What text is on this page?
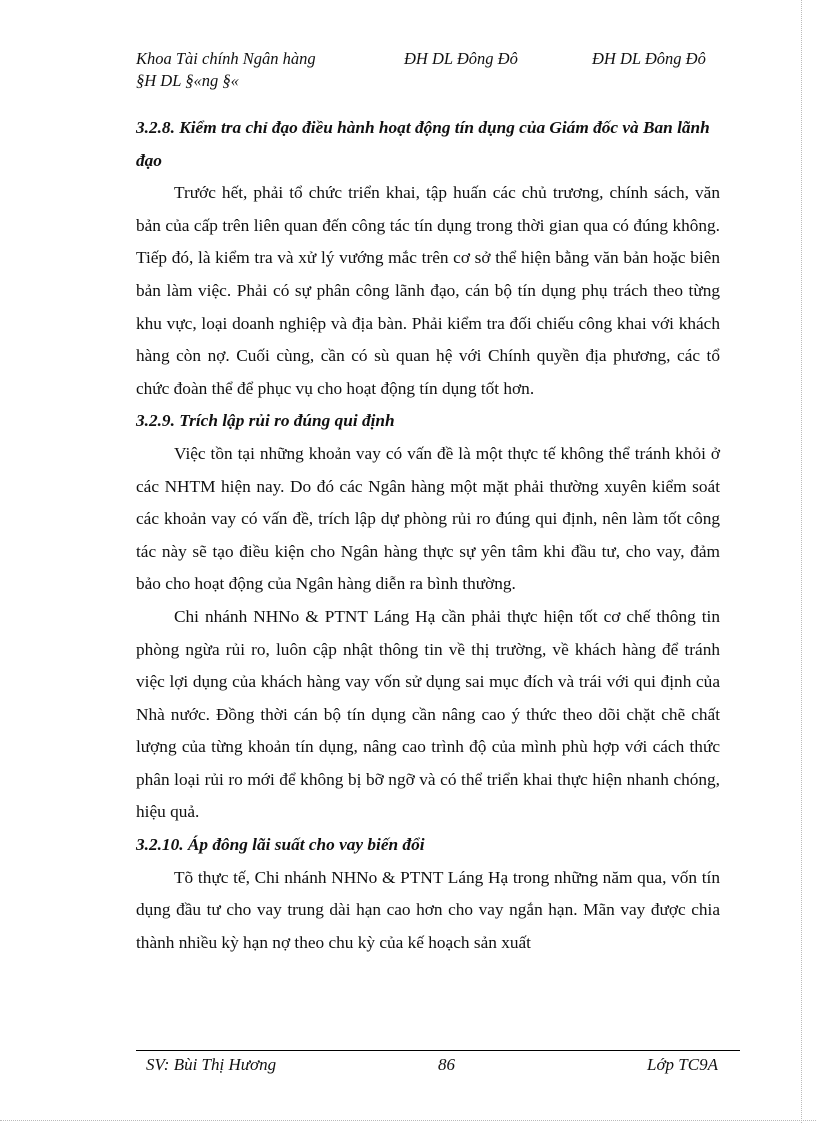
Khoa Tài chính Ngân hàng	ĐH DL Đông Đô	ĐH DL Đông Đô
§H DL §«ng §«
3.2.8. Kiểm tra chỉ đạo điều hành hoạt động tín dụng của Giám đốc và Ban lãnh đạo

Trước hết, phải tổ chức triển khai, tập huấn các chủ trương, chính sách, văn bản của cấp trên liên quan đến công tác tín dụng trong thời gian qua có đúng không. Tiếp đó, là kiểm tra và xử lý vướng mắc trên cơ sở thể hiện bằng văn bản hoặc biên bản làm việc. Phải có sự phân công lãnh đạo, cán bộ tín dụng phụ trách theo từng khu vực, loại doanh nghiệp và địa bàn. Phải kiểm tra đối chiếu công khai với khách hàng còn nợ. Cuối cùng, cần có sù quan hệ với Chính quyền địa phương, các tổ chức đoàn thể để phục vụ cho hoạt động tín dụng tốt hơn.

3.2.9. Trích lập rủi ro đúng qui định

Việc tồn tại những khoản vay có vấn đề là một thực tế không thể tránh khỏi ở các NHTM hiện nay. Do đó các Ngân hàng một mặt phải thường xuyên kiểm soát các khoản vay có vấn đề, trích lập dự phòng rủi ro đúng qui định, nên làm tốt công tác này sẽ tạo điều kiện cho Ngân hàng thực sự yên tâm khi đầu tư, cho vay, đảm bảo cho hoạt động của Ngân hàng diễn ra bình thường.

Chi nhánh NHNo & PTNT Láng Hạ cần phải thực hiện tốt cơ chế thông tin phòng ngừa rủi ro, luôn cập nhật thông tin về thị trường, về khách hàng để tránh việc lợi dụng của khách hàng vay vốn sử dụng sai mục đích và trái với qui định của Nhà nước. Đồng thời cán bộ tín dụng cần nâng cao ý thức theo dõi chặt chẽ chất lượng của từng khoản tín dụng, nâng cao trình độ của mình phù hợp với cách thức phân loại rủi ro mới để không bị bỡ ngỡ và có thể triển khai thực hiện nhanh chóng, hiệu quả.

3.2.10. Áp đông lãi suất cho vay biến đổi

Tõ thực tế, Chi nhánh NHNo & PTNT Láng Hạ trong những năm qua, vốn tín dụng đầu tư cho vay trung dài hạn cao hơn cho vay ngắn hạn. Mãn vay được chia thành nhiều kỳ hạn nợ theo chu kỳ của kế hoạch sản xuất

SV: Bùi Thị Hương	86	Lớp TC9A
